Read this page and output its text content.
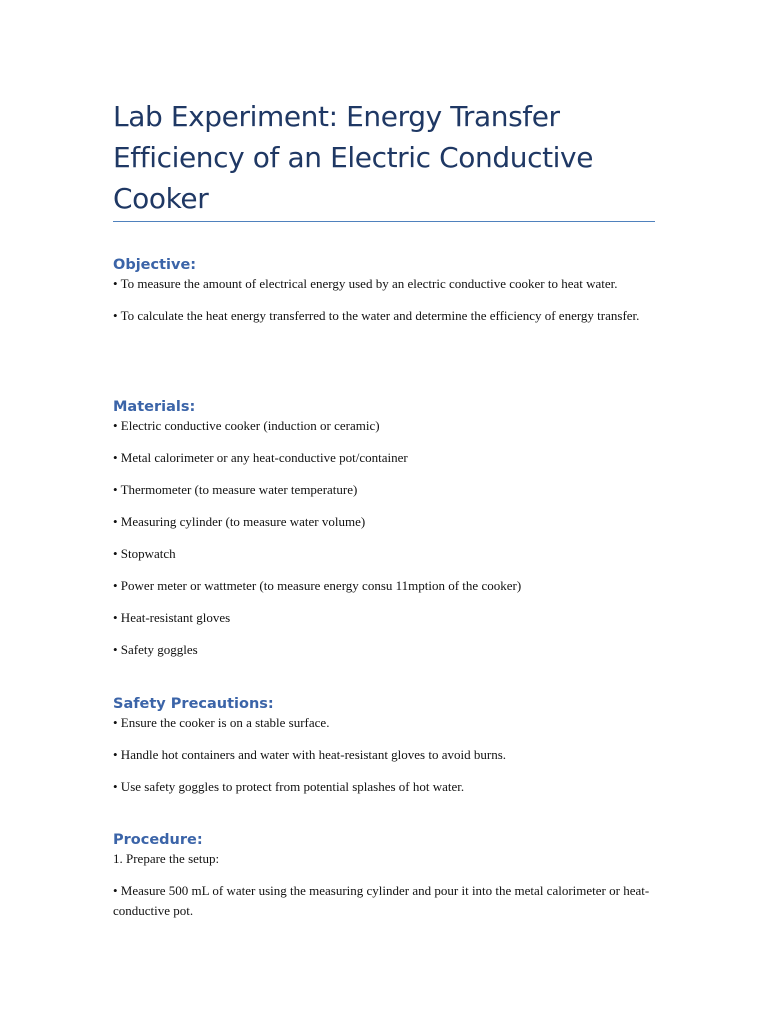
Lab Experiment: Energy Transfer Efficiency of an Electric Conductive Cooker
Objective:

• To measure the amount of electrical energy used by an electric conductive cooker to heat water.

• To calculate the heat energy transferred to the water and determine the efficiency of energy transfer.

Materials:

• Electric conductive cooker (induction or ceramic)

• Metal calorimeter or any heat-conductive pot/container

• Thermometer (to measure water temperature)

• Measuring cylinder (to measure water volume)

• Stopwatch

• Power meter or wattmeter (to measure energy consu 11mption of the cooker)

• Heat-resistant gloves

• Safety goggles

Safety Precautions:

• Ensure the cooker is on a stable surface.

• Handle hot containers and water with heat-resistant gloves to avoid burns.

• Use safety goggles to protect from potential splashes of hot water.

Procedure:

1. Prepare the setup:

• Measure 500 mL of water using the measuring cylinder and pour it into the metal calorimeter or heat-conductive pot.
